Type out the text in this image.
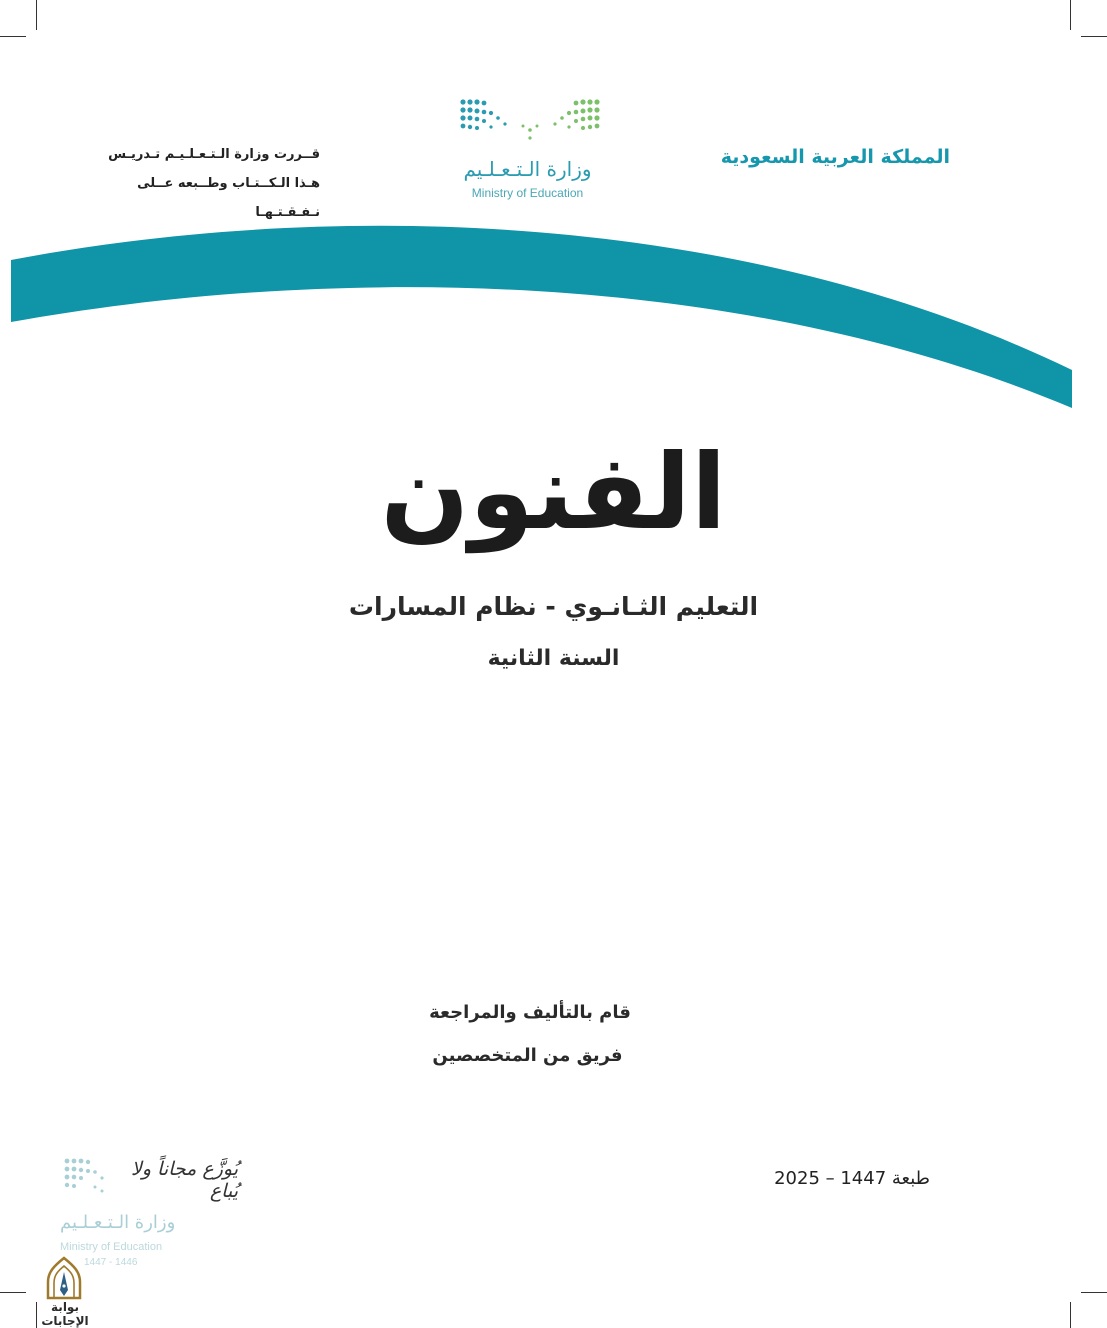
قــررت وزارة الـتـعـلـيـم تـدريـس
هـذا الـكــتـاب وطــبعه عــلى نـفـقـتـهـا
وزارة الـتـعـلـيم
Ministry of Education
المملكة العربية السعودية
الفنون
التعليم الثـانـوي - نظام المسارات
السنة الثانية
قام بالتأليف والمراجعة
فريق من المتخصصين
طبعة 1447 – 2025
يُوزَّع مجاناً ولا يُباع
وزارة الـتـعـلـيم
Ministry of Education
1447 - 1446
بوابة الإجابات
